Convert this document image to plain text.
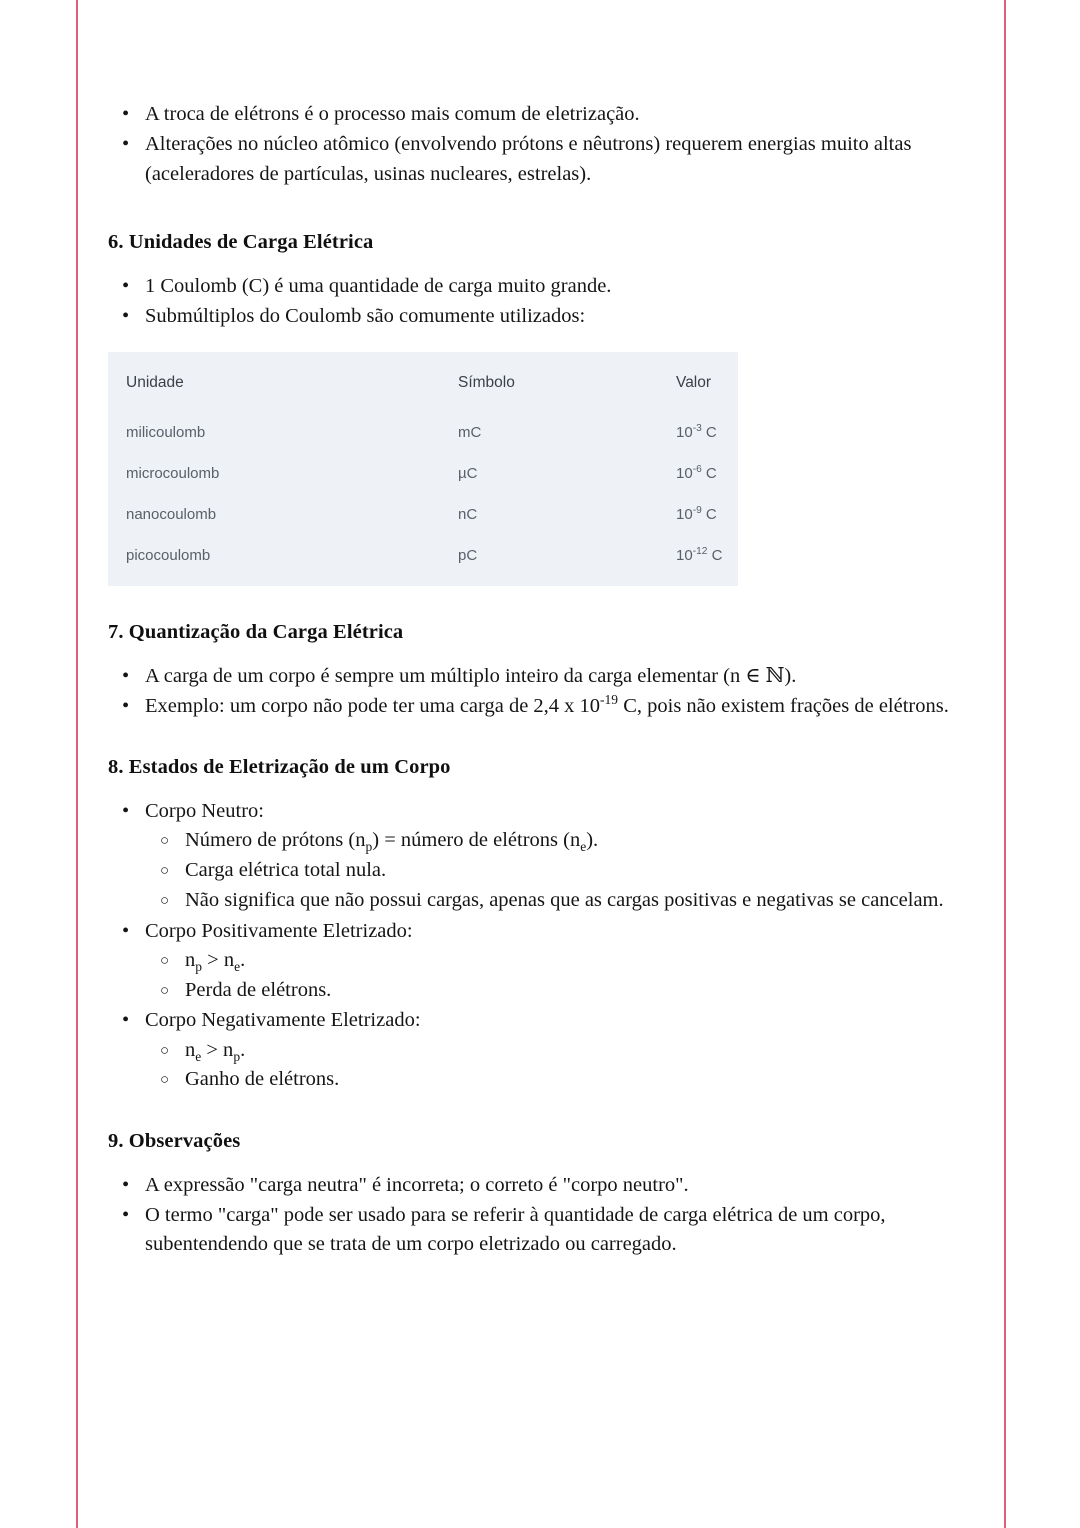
• A troca de elétrons é o processo mais comum de eletrização.
• Alterações no núcleo atômico (envolvendo prótons e nêutrons) requerem energias muito altas (aceleradores de partículas, usinas nucleares, estrelas).
6. Unidades de Carga Elétrica
• 1 Coulomb (C) é uma quantidade de carga muito grande.
• Submúltiplos do Coulomb são comumente utilizados:
Unidade	Símbolo	Valor
milicoulomb	mC	$10^{-3}$ C
microcoulomb	µC	$10^{-6}$ C
nanocoulomb	nC	$10^{-9}$ C
picocoulomb	pC	$10^{-12}$ C
7. Quantização da Carga Elétrica
• A carga de um corpo é sempre um múltiplo inteiro da carga elementar (n ∈ ℕ).
• Exemplo: um corpo não pode ter uma carga de 2,4 x $10^{-19}$ C, pois não existem frações de elétrons.
8. Estados de Eletrização de um Corpo
• Corpo Neutro:
○ Número de prótons $(n_p)$ = número de elétrons $(n_e)$.
○ Carga elétrica total nula.
○ Não significa que não possui cargas, apenas que as cargas positivas e negativas se cancelam.
• Corpo Positivamente Eletrizado:
○ $n_p > n_e$.
○ Perda de elétrons.
• Corpo Negativamente Eletrizado:
○ $n_e > n_p$.
○ Ganho de elétrons.
9. Observações
• A expressão "carga neutra" é incorreta; o correto é "corpo neutro".
• O termo "carga" pode ser usado para se referir à quantidade de carga elétrica de um corpo, subentendendo que se trata de um corpo eletrizado ou carregado.
